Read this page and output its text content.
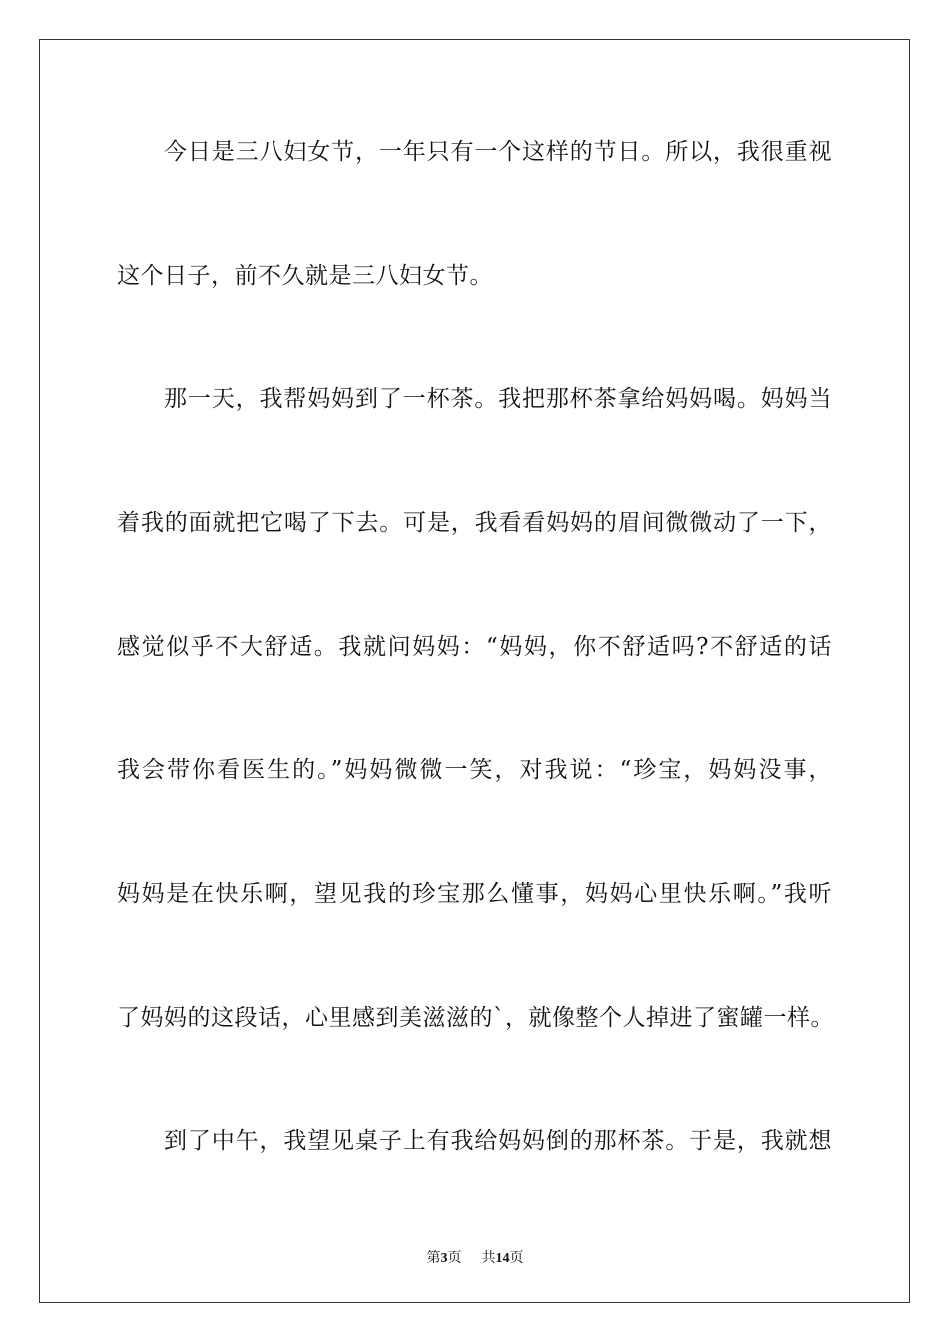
今日是三八妇女节，一年只有一个这样的节日。所以，我很重视
这个日子，前不久就是三八妇女节。
那一天，我帮妈妈到了一杯茶。我把那杯茶拿给妈妈喝。妈妈当
着我的面就把它喝了下去。可是，我看看妈妈的眉间微微动了一下，
感觉似乎不大舒适。我就问妈妈：“妈妈，你不舒适吗?不舒适的话
我会带你看医生的。”妈妈微微一笑，对我说：“珍宝，妈妈没事，
妈妈是在快乐啊，望见我的珍宝那么懂事，妈妈心里快乐啊。”我听
了妈妈的这段话，心里感到美滋滋的`，就像整个人掉进了蜜罐一样。
到了中午，我望见桌子上有我给妈妈倒的那杯茶。于是，我就想
第3页 共14页
